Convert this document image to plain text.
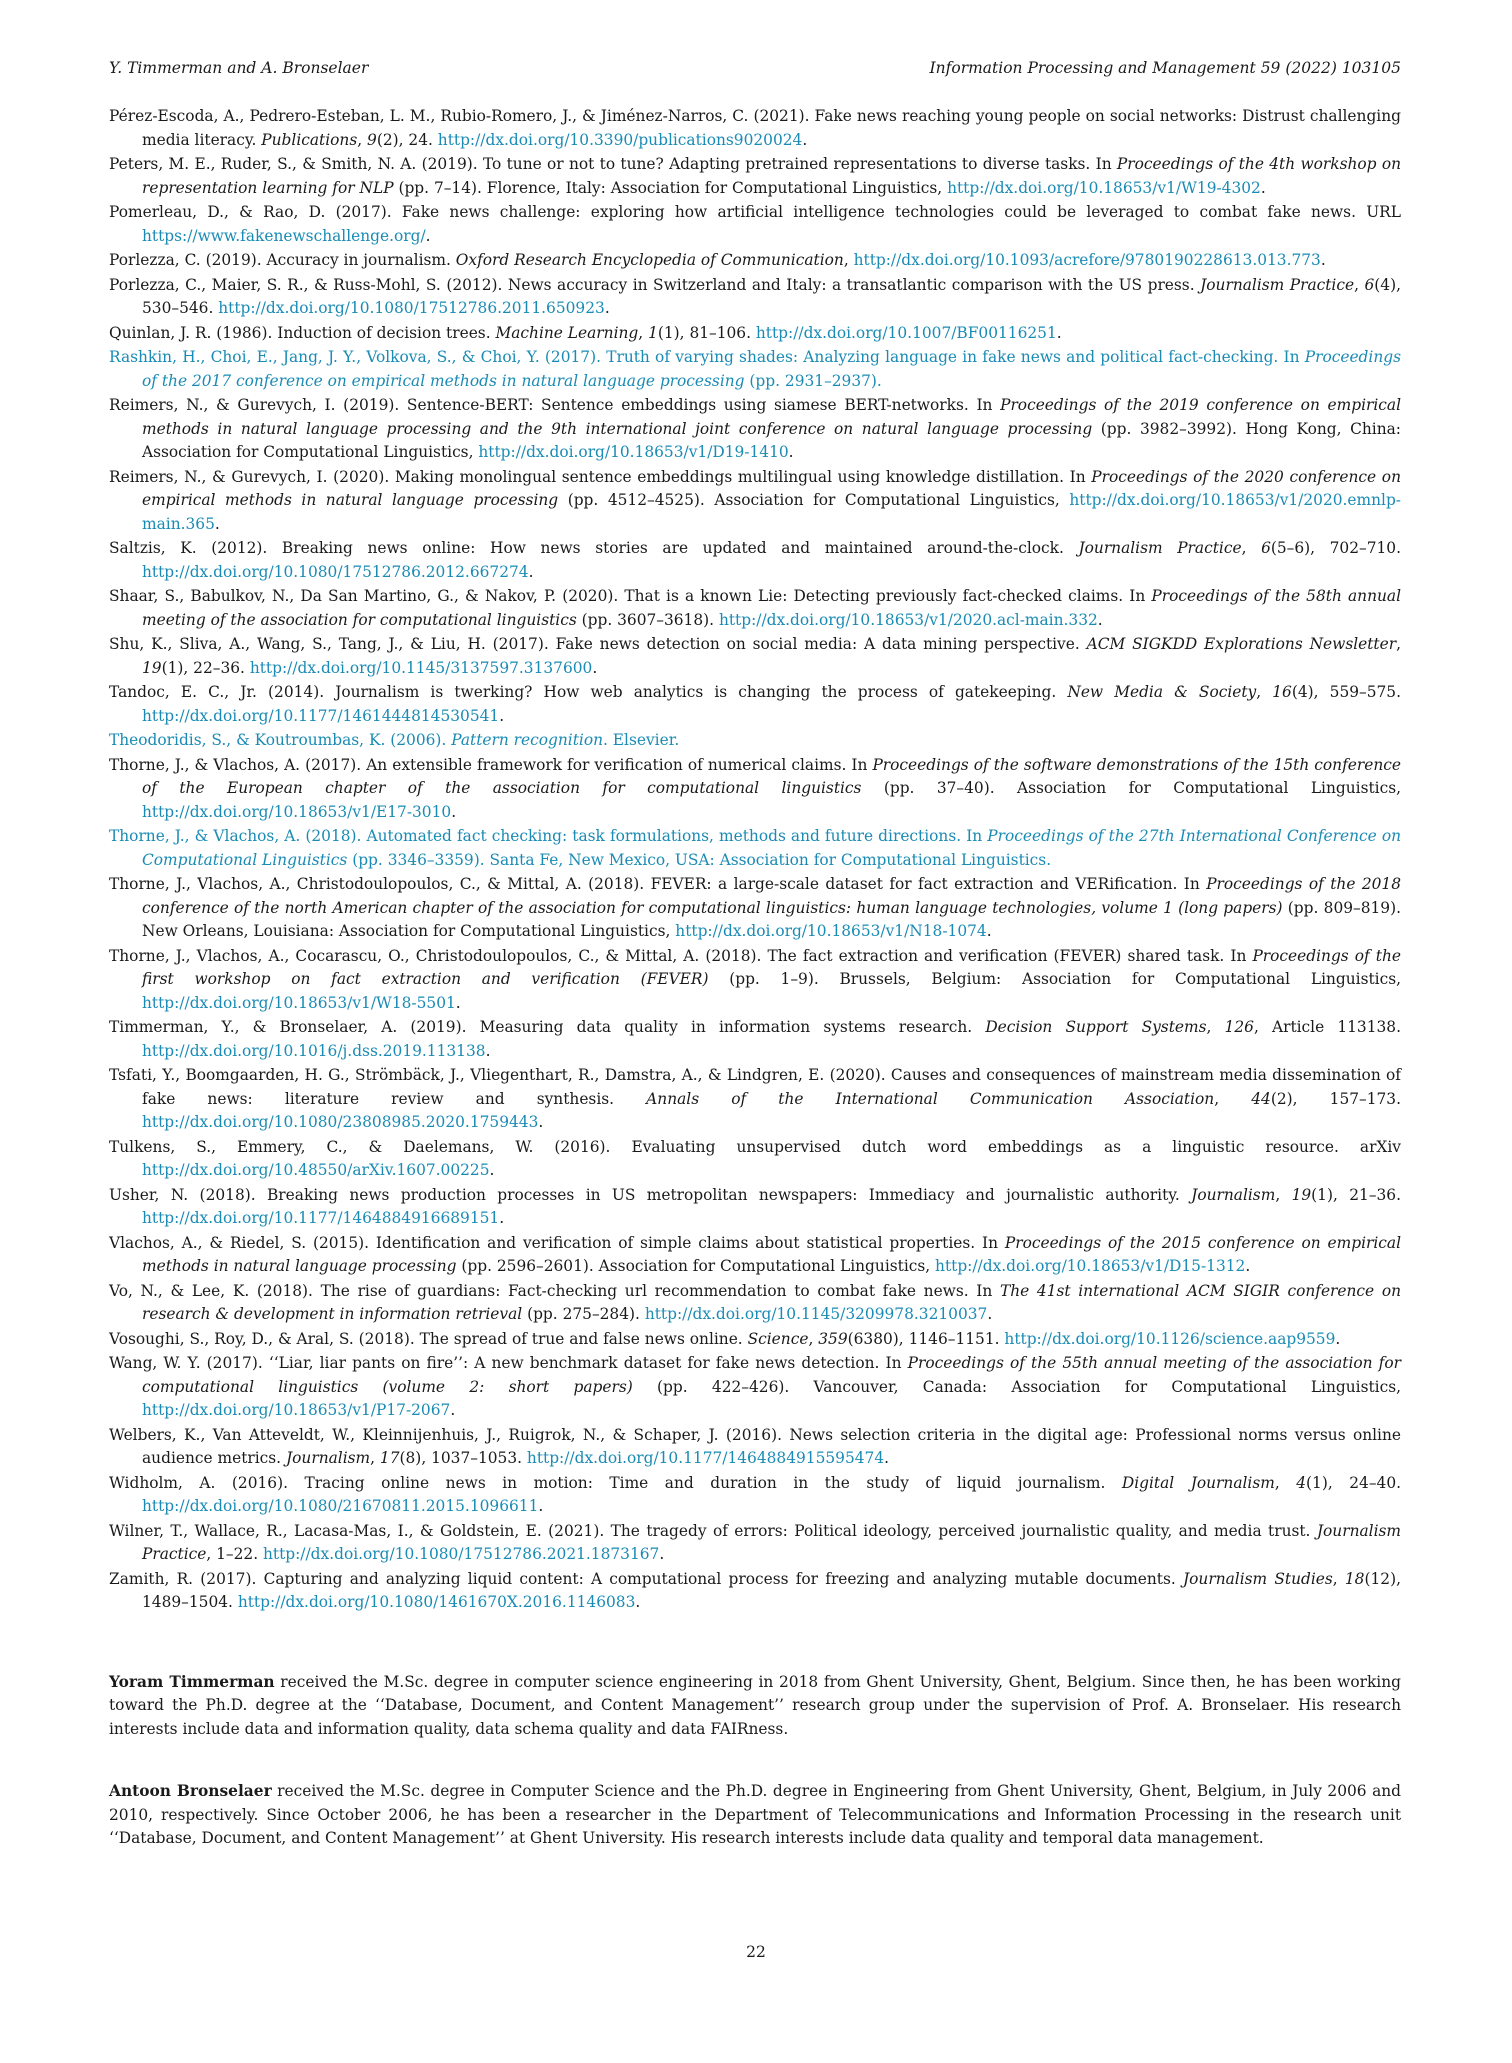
Y. Timmerman and A. Bronselaer	Information Processing and Management 59 (2022) 103105

Pérez-Escoda, A., Pedrero-Esteban, L. M., Rubio-Romero, J., & Jiménez-Narros, C. (2021). Fake news reaching young people on social networks: Distrust challenging media literacy. Publications, 9(2), 24. http://dx.doi.org/10.3390/publications9020024.

Peters, M. E., Ruder, S., & Smith, N. A. (2019). To tune or not to tune? Adapting pretrained representations to diverse tasks. In Proceedings of the 4th workshop on representation learning for NLP (pp. 7–14). Florence, Italy: Association for Computational Linguistics, http://dx.doi.org/10.18653/v1/W19-4302.

Pomerleau, D., & Rao, D. (2017). Fake news challenge: exploring how artificial intelligence technologies could be leveraged to combat fake news. URL https://www.fakenewschallenge.org/.

Porlezza, C. (2019). Accuracy in journalism. Oxford Research Encyclopedia of Communication, http://dx.doi.org/10.1093/acrefore/9780190228613.013.773.

Porlezza, C., Maier, S. R., & Russ-Mohl, S. (2012). News accuracy in Switzerland and Italy: a transatlantic comparison with the US press. Journalism Practice, 6(4), 530–546. http://dx.doi.org/10.1080/17512786.2011.650923.

Quinlan, J. R. (1986). Induction of decision trees. Machine Learning, 1(1), 81–106. http://dx.doi.org/10.1007/BF00116251.

Rashkin, H., Choi, E., Jang, J. Y., Volkova, S., & Choi, Y. (2017). Truth of varying shades: Analyzing language in fake news and political fact-checking. In Proceedings of the 2017 conference on empirical methods in natural language processing (pp. 2931–2937).

Reimers, N., & Gurevych, I. (2019). Sentence-BERT: Sentence embeddings using siamese BERT-networks. In Proceedings of the 2019 conference on empirical methods in natural language processing and the 9th international joint conference on natural language processing (pp. 3982–3992). Hong Kong, China: Association for Computational Linguistics, http://dx.doi.org/10.18653/v1/D19-1410.

Reimers, N., & Gurevych, I. (2020). Making monolingual sentence embeddings multilingual using knowledge distillation. In Proceedings of the 2020 conference on empirical methods in natural language processing (pp. 4512–4525). Association for Computational Linguistics, http://dx.doi.org/10.18653/v1/2020.emnlp-main.365.

Saltzis, K. (2012). Breaking news online: How news stories are updated and maintained around-the-clock. Journalism Practice, 6(5–6), 702–710. http://dx.doi.org/10.1080/17512786.2012.667274.

Shaar, S., Babulkov, N., Da San Martino, G., & Nakov, P. (2020). That is a known Lie: Detecting previously fact-checked claims. In Proceedings of the 58th annual meeting of the association for computational linguistics (pp. 3607–3618). http://dx.doi.org/10.18653/v1/2020.acl-main.332.

Shu, K., Sliva, A., Wang, S., Tang, J., & Liu, H. (2017). Fake news detection on social media: A data mining perspective. ACM SIGKDD Explorations Newsletter, 19(1), 22–36. http://dx.doi.org/10.1145/3137597.3137600.

Tandoc, E. C., Jr. (2014). Journalism is twerking? How web analytics is changing the process of gatekeeping. New Media & Society, 16(4), 559–575. http://dx.doi.org/10.1177/1461444814530541.

Theodoridis, S., & Koutroumbas, K. (2006). Pattern recognition. Elsevier.

Thorne, J., & Vlachos, A. (2017). An extensible framework for verification of numerical claims. In Proceedings of the software demonstrations of the 15th conference of the European chapter of the association for computational linguistics (pp. 37–40). Association for Computational Linguistics, http://dx.doi.org/10.18653/v1/E17-3010.

Thorne, J., & Vlachos, A. (2018). Automated fact checking: task formulations, methods and future directions. In Proceedings of the 27th International Conference on Computational Linguistics (pp. 3346–3359). Santa Fe, New Mexico, USA: Association for Computational Linguistics.

Thorne, J., Vlachos, A., Christodoulopoulos, C., & Mittal, A. (2018). FEVER: a large-scale dataset for fact extraction and VERification. In Proceedings of the 2018 conference of the north American chapter of the association for computational linguistics: human language technologies, volume 1 (long papers) (pp. 809–819). New Orleans, Louisiana: Association for Computational Linguistics, http://dx.doi.org/10.18653/v1/N18-1074.

Thorne, J., Vlachos, A., Cocarascu, O., Christodoulopoulos, C., & Mittal, A. (2018). The fact extraction and verification (FEVER) shared task. In Proceedings of the first workshop on fact extraction and verification (FEVER) (pp. 1–9). Brussels, Belgium: Association for Computational Linguistics, http://dx.doi.org/10.18653/v1/W18-5501.

Timmerman, Y., & Bronselaer, A. (2019). Measuring data quality in information systems research. Decision Support Systems, 126, Article 113138. http://dx.doi.org/10.1016/j.dss.2019.113138.

Tsfati, Y., Boomgaarden, H. G., Strömbäck, J., Vliegenthart, R., Damstra, A., & Lindgren, E. (2020). Causes and consequences of mainstream media dissemination of fake news: literature review and synthesis. Annals of the International Communication Association, 44(2), 157–173. http://dx.doi.org/10.1080/23808985.2020.1759443.

Tulkens, S., Emmery, C., & Daelemans, W. (2016). Evaluating unsupervised dutch word embeddings as a linguistic resource. arXiv http://dx.doi.org/10.48550/arXiv.1607.00225.

Usher, N. (2018). Breaking news production processes in US metropolitan newspapers: Immediacy and journalistic authority. Journalism, 19(1), 21–36. http://dx.doi.org/10.1177/1464884916689151.

Vlachos, A., & Riedel, S. (2015). Identification and verification of simple claims about statistical properties. In Proceedings of the 2015 conference on empirical methods in natural language processing (pp. 2596–2601). Association for Computational Linguistics, http://dx.doi.org/10.18653/v1/D15-1312.

Vo, N., & Lee, K. (2018). The rise of guardians: Fact-checking url recommendation to combat fake news. In The 41st international ACM SIGIR conference on research & development in information retrieval (pp. 275–284). http://dx.doi.org/10.1145/3209978.3210037.

Vosoughi, S., Roy, D., & Aral, S. (2018). The spread of true and false news online. Science, 359(6380), 1146–1151. http://dx.doi.org/10.1126/science.aap9559.

Wang, W. Y. (2017). ‘‘Liar, liar pants on fire’’: A new benchmark dataset for fake news detection. In Proceedings of the 55th annual meeting of the association for computational linguistics (volume 2: short papers) (pp. 422–426). Vancouver, Canada: Association for Computational Linguistics, http://dx.doi.org/10.18653/v1/P17-2067.

Welbers, K., Van Atteveldt, W., Kleinnijenhuis, J., Ruigrok, N., & Schaper, J. (2016). News selection criteria in the digital age: Professional norms versus online audience metrics. Journalism, 17(8), 1037–1053. http://dx.doi.org/10.1177/1464884915595474.

Widholm, A. (2016). Tracing online news in motion: Time and duration in the study of liquid journalism. Digital Journalism, 4(1), 24–40. http://dx.doi.org/10.1080/21670811.2015.1096611.

Wilner, T., Wallace, R., Lacasa-Mas, I., & Goldstein, E. (2021). The tragedy of errors: Political ideology, perceived journalistic quality, and media trust. Journalism Practice, 1–22. http://dx.doi.org/10.1080/17512786.2021.1873167.

Zamith, R. (2017). Capturing and analyzing liquid content: A computational process for freezing and analyzing mutable documents. Journalism Studies, 18(12), 1489–1504. http://dx.doi.org/10.1080/1461670X.2016.1146083.

Yoram Timmerman received the M.Sc. degree in computer science engineering in 2018 from Ghent University, Ghent, Belgium. Since then, he has been working toward the Ph.D. degree at the ‘‘Database, Document, and Content Management’’ research group under the supervision of Prof. A. Bronselaer. His research interests include data and information quality, data schema quality and data FAIRness.

Antoon Bronselaer received the M.Sc. degree in Computer Science and the Ph.D. degree in Engineering from Ghent University, Ghent, Belgium, in July 2006 and 2010, respectively. Since October 2006, he has been a researcher in the Department of Telecommunications and Information Processing in the research unit ‘‘Database, Document, and Content Management’’ at Ghent University. His research interests include data quality and temporal data management.

22
